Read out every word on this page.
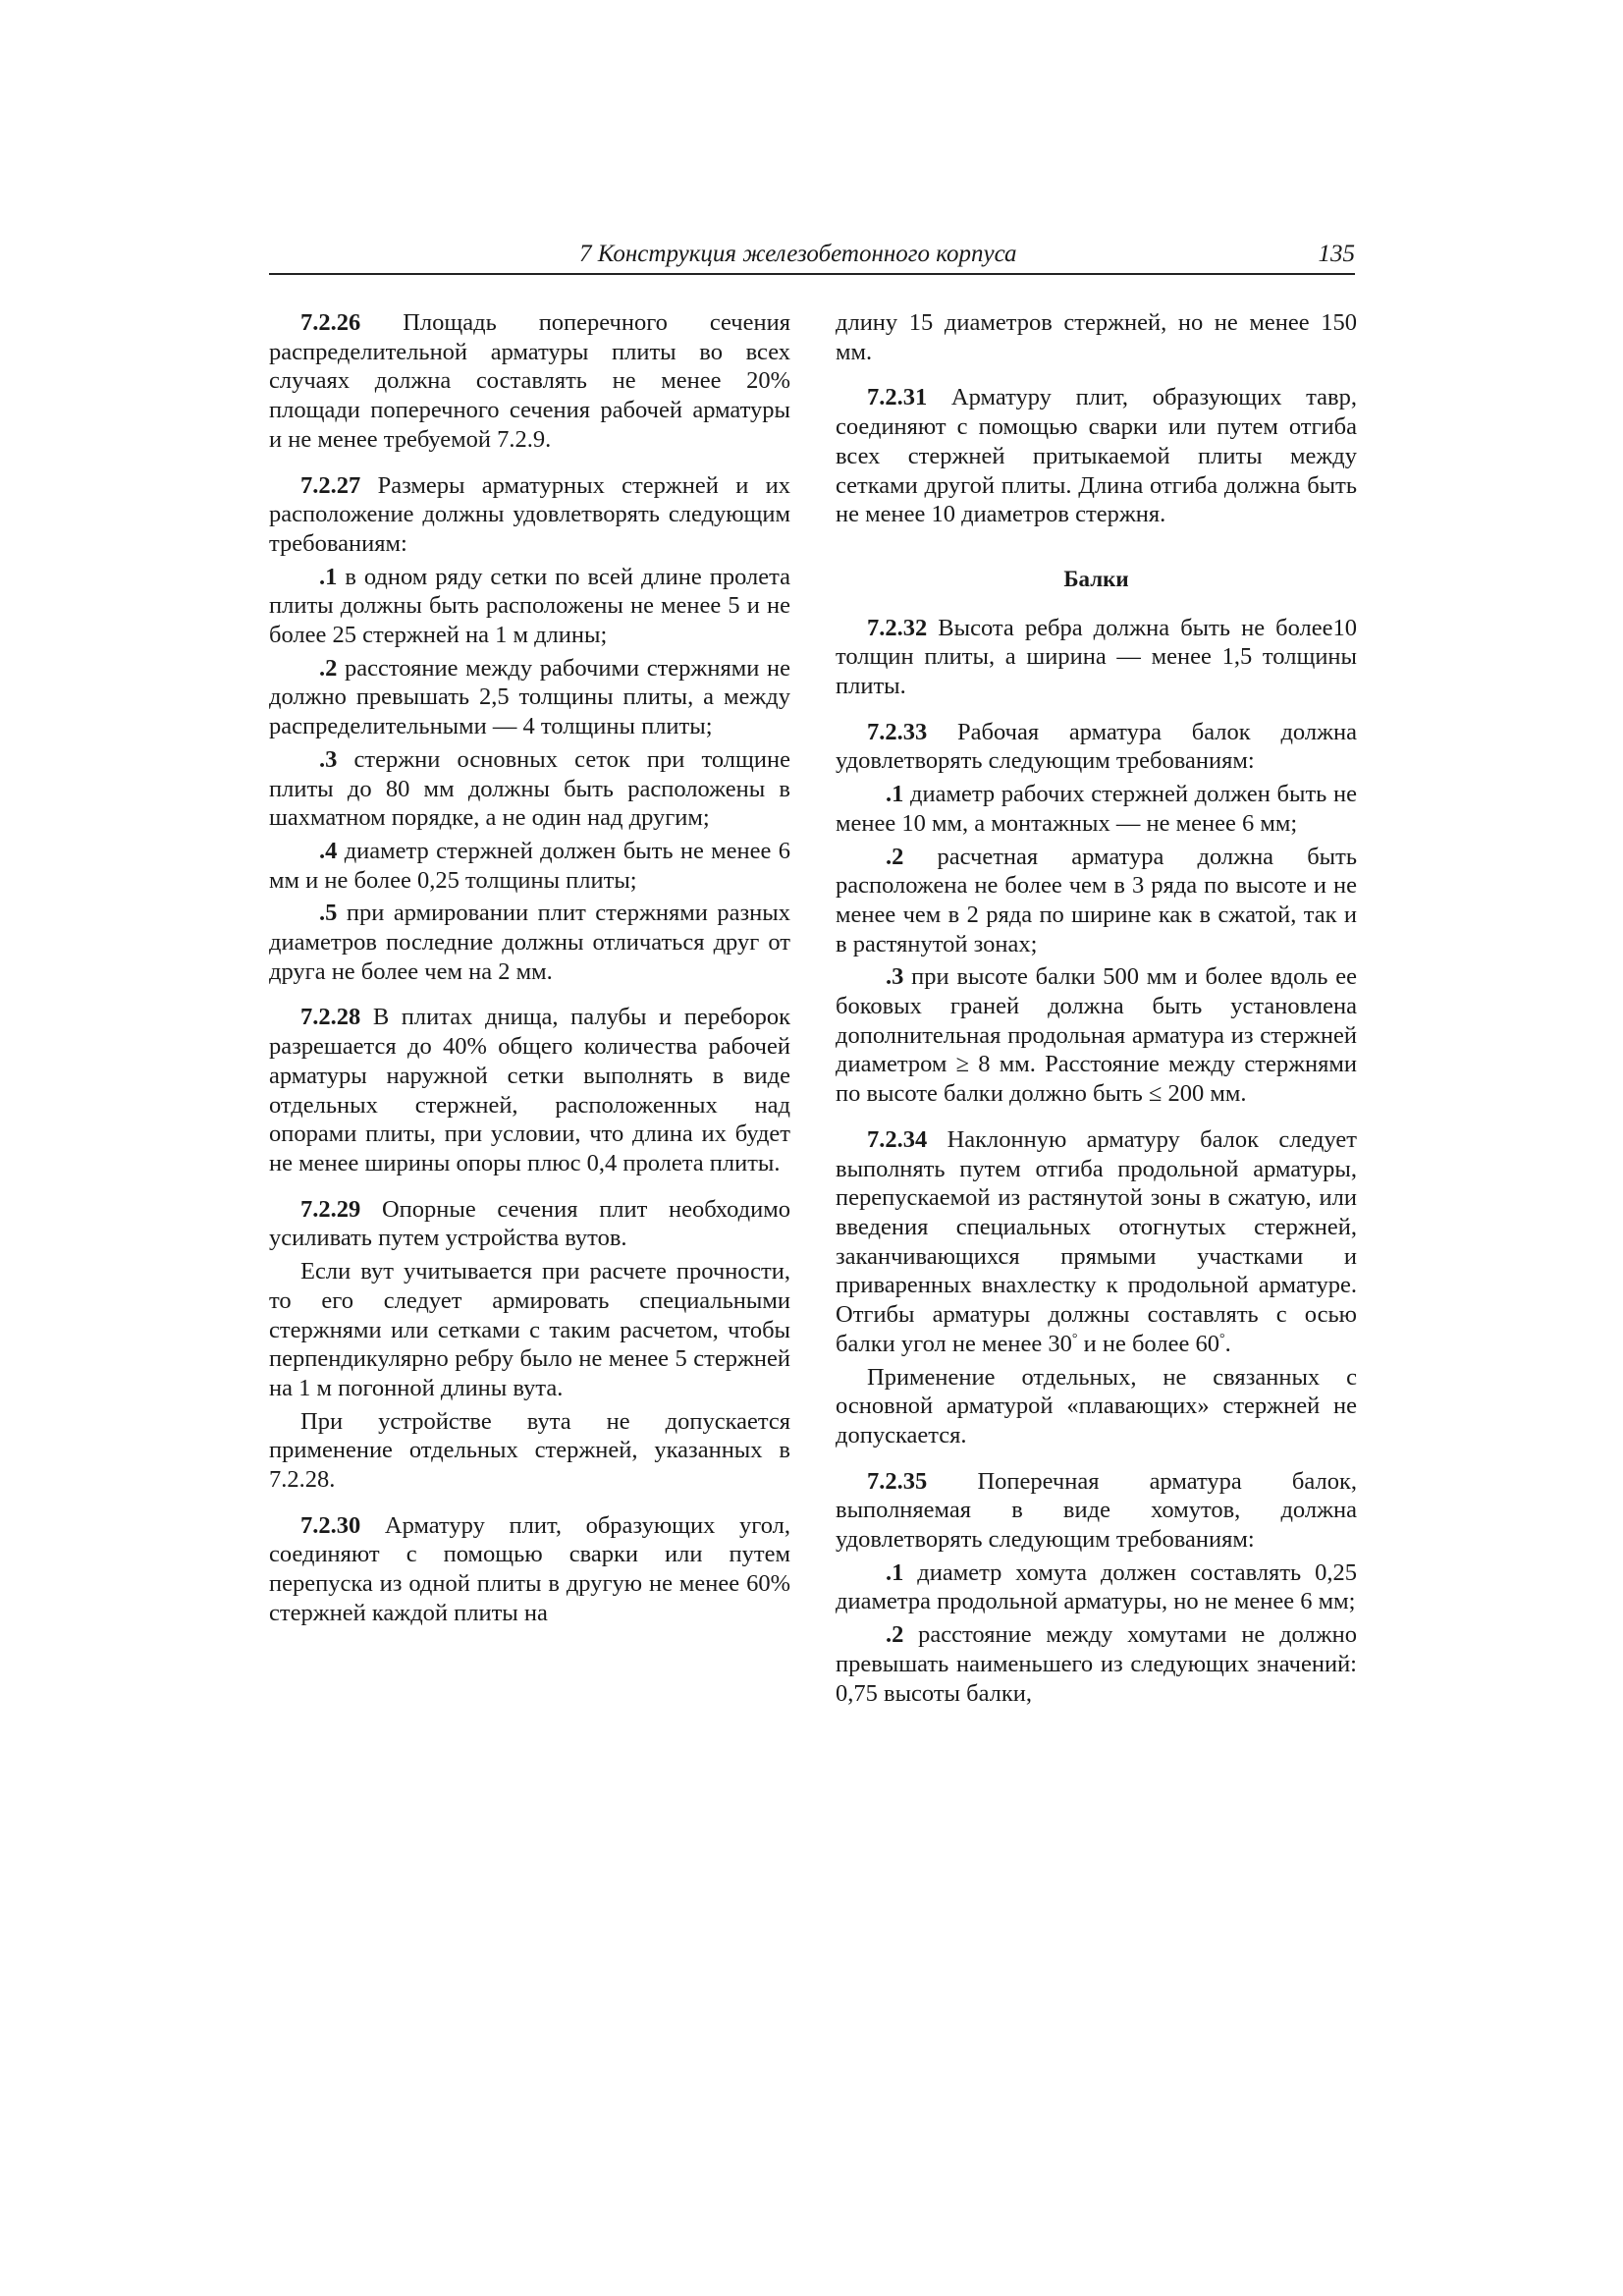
7 Конструкция железобетонного корпуса	135

7.2.26 Площадь поперечного сечения распределительной арматуры плиты во всех случаях должна составлять не менее 20% площади поперечного сечения рабочей арматуры и не менее требуемой 7.2.9.

7.2.27 Размеры арматурных стержней и их расположение должны удовлетворять следующим требованиям:

.1 в одном ряду сетки по всей длине пролета плиты должны быть расположены не менее 5 и не более 25 стержней на 1 м длины;

.2 расстояние между рабочими стержнями не должно превышать 2,5 толщины плиты, а между распределительными — 4 толщины плиты;

.3 стержни основных сеток при толщине плиты до 80 мм должны быть расположены в шахматном порядке, а не один над другим;

.4 диаметр стержней должен быть не менее 6 мм и не более 0,25 толщины плиты;

.5 при армировании плит стержнями разных диаметров последние должны отличаться друг от друга не более чем на 2 мм.

7.2.28 В плитах днища, палубы и переборок разрешается до 40% общего количества рабочей арматуры наружной сетки выполнять в виде отдельных стержней, расположенных над опорами плиты, при условии, что длина их будет не менее ширины опоры плюс 0,4 пролета плиты.

7.2.29 Опорные сечения плит необходимо усиливать путем устройства вутов.

Если вут учитывается при расчете прочности, то его следует армировать специальными стержнями или сетками с таким расчетом, чтобы перпендикулярно ребру было не менее 5 стержней на 1 м погонной длины вута.

При устройстве вута не допускается применение отдельных стержней, указанных в 7.2.28.

7.2.30 Арматуру плит, образующих угол, соединяют с помощью сварки или путем перепуска из одной плиты в другую не менее 60% стержней каждой плиты на

длину 15 диаметров стержней, но не менее 150 мм.

7.2.31 Арматуру плит, образующих тавр, соединяют с помощью сварки или путем отгиба всех стержней притыкаемой плиты между сетками другой плиты. Длина отгиба должна быть не менее 10 диаметров стержня.

Балки

7.2.32 Высота ребра должна быть не более10 толщин плиты, а ширина — менее 1,5 толщины плиты.

7.2.33 Рабочая арматура балок должна удовлетворять следующим требованиям:

.1 диаметр рабочих стержней должен быть не менее 10 мм, а монтажных — не менее 6 мм;

.2 расчетная арматура должна быть расположена не более чем в 3 ряда по высоте и не менее чем в 2 ряда по ширине как в сжатой, так и в растянутой зонах;

.3 при высоте балки 500 мм и более вдоль ее боковых граней должна быть установлена дополнительная продольная арматура из стержней диаметром ≥ 8 мм. Расстояние между стержнями по высоте балки должно быть ≤ 200 мм.

7.2.34 Наклонную арматуру балок следует выполнять путем отгиба продольной арматуры, перепускаемой из растянутой зоны в сжатую, или введения специальных отогнутых стержней, заканчивающихся прямыми участками и приваренных внахлестку к продольной арматуре. Отгибы арматуры должны составлять с осью балки угол не менее 30° и не более 60°.

Применение отдельных, не связанных с основной арматурой «плавающих» стержней не допускается.

7.2.35 Поперечная арматура балок, выполняемая в виде хомутов, должна удовлетворять следующим требованиям:

.1 диаметр хомута должен составлять 0,25 диаметра продольной арматуры, но не менее 6 мм;

.2 расстояние между хомутами не должно превышать наименьшего из следующих значений: 0,75 высоты балки,
